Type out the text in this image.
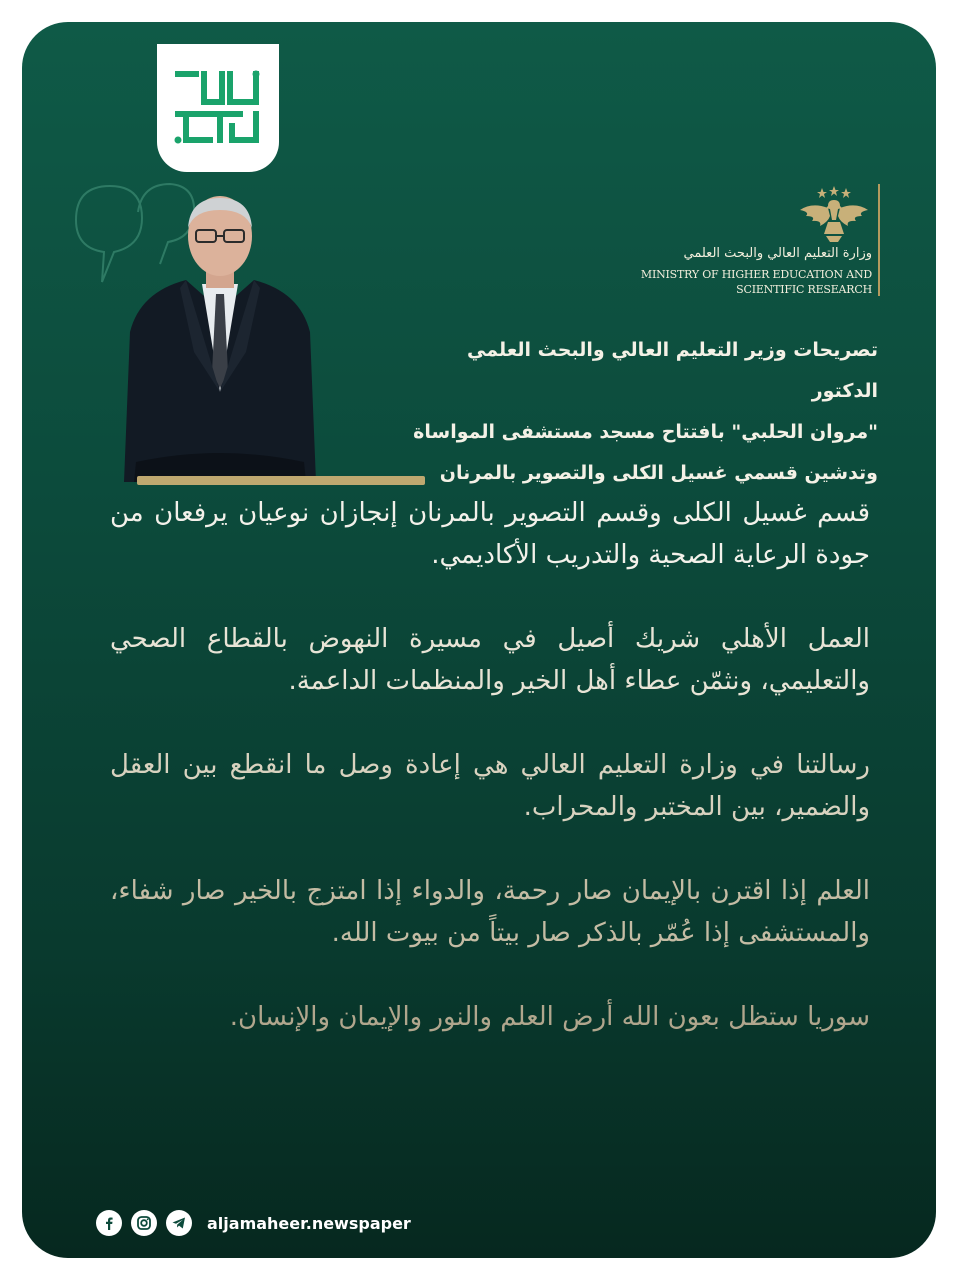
وزارة التعليم العالي والبحث العلمي
MINISTRY OF HIGHER EDUCATION AND
SCIENTIFIC RESEARCH
تصريحات وزير التعليم العالي والبحث العلمي الدكتور
"مروان الحلبي" بافتتاح مسجد مستشفى المواساة
وتدشين قسمي غسيل الكلى والتصوير بالمرنان
aljamaheer.newspaper

قسم غسيل الكلى وقسم التصوير بالمرنان إنجازان نوعيان يرفعان من جودة الرعاية الصحية والتدريب الأكاديمي.

العمل الأهلي شريك أصيل في مسيرة النهوض بالقطاع الصحي والتعليمي، ونثمّن عطاء أهل الخير والمنظمات الداعمة.

رسالتنا في وزارة التعليم العالي هي إعادة وصل ما انقطع بين العقل والضمير، بين المختبر والمحراب.

العلم إذا اقترن بالإيمان صار رحمة، والدواء إذا امتزج بالخير صار شفاء، والمستشفى إذا عُمّر بالذكر صار بيتاً من بيوت الله.

سوريا ستظل بعون الله أرض العلم والنور والإيمان والإنسان.
